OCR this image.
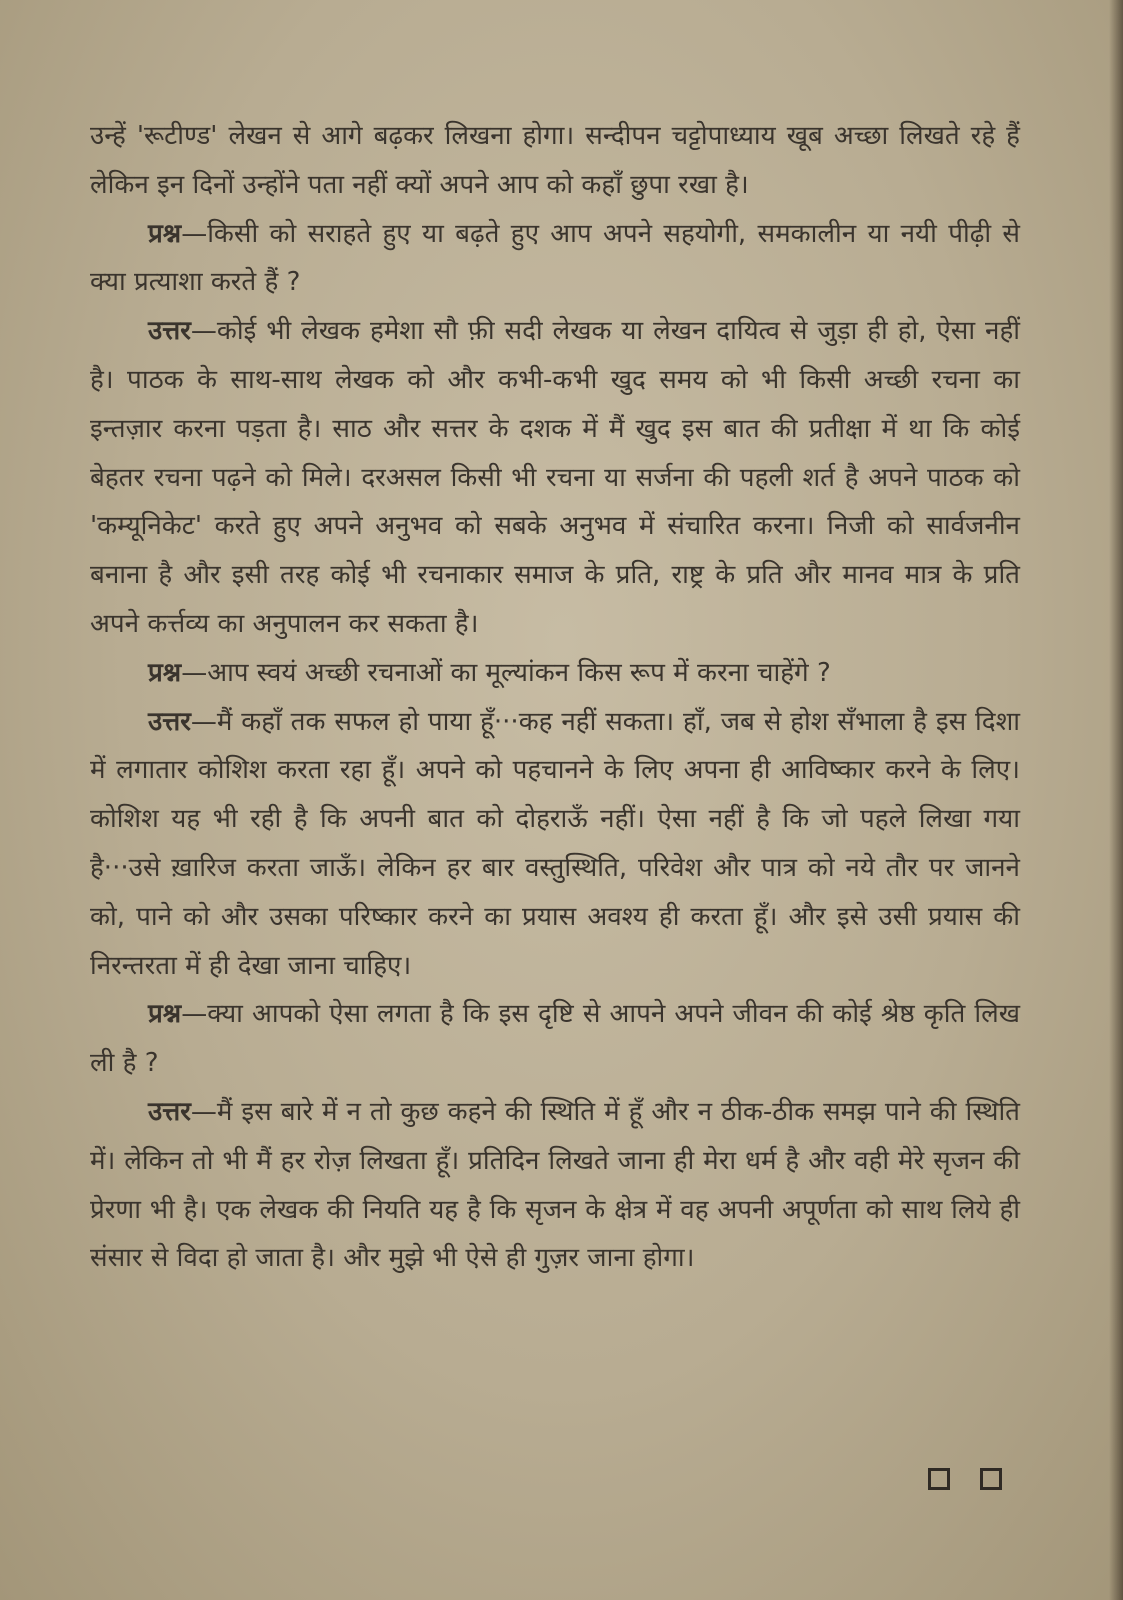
उन्हें 'रूटीण्ड' लेखन से आगे बढ़कर लिखना होगा। सन्दीपन चट्टोपाध्याय खूब अच्छा लिखते रहे हैं लेकिन इन दिनों उन्होंने पता नहीं क्यों अपने आप को कहाँ छुपा रखा है।

प्रश्न—किसी को सराहते हुए या बढ़ते हुए आप अपने सहयोगी, समकालीन या नयी पीढ़ी से क्या प्रत्याशा करते हैं ?

उत्तर—कोई भी लेखक हमेशा सौ फ़ी सदी लेखक या लेखन दायित्व से जुड़ा ही हो, ऐसा नहीं है। पाठक के साथ-साथ लेखक को और कभी-कभी खुद समय को भी किसी अच्छी रचना का इन्तज़ार करना पड़ता है। साठ और सत्तर के दशक में मैं खुद इस बात की प्रतीक्षा में था कि कोई बेहतर रचना पढ़ने को मिले। दरअसल किसी भी रचना या सर्जना की पहली शर्त है अपने पाठक को 'कम्यूनिकेट' करते हुए अपने अनुभव को सबके अनुभव में संचारित करना। निजी को सार्वजनीन बनाना है और इसी तरह कोई भी रचनाकार समाज के प्रति, राष्ट्र के प्रति और मानव मात्र के प्रति अपने कर्त्तव्य का अनुपालन कर सकता है।

प्रश्न—आप स्वयं अच्छी रचनाओं का मूल्यांकन किस रूप में करना चाहेंगे ?

उत्तर—मैं कहाँ तक सफल हो पाया हूँ···कह नहीं सकता। हाँ, जब से होश सँभाला है इस दिशा में लगातार कोशिश करता रहा हूँ। अपने को पहचानने के लिए अपना ही आविष्कार करने के लिए। कोशिश यह भी रही है कि अपनी बात को दोहराऊँ नहीं। ऐसा नहीं है कि जो पहले लिखा गया है···उसे ख़ारिज करता जाऊँ। लेकिन हर बार वस्तुस्थिति, परिवेश और पात्र को नये तौर पर जानने को, पाने को और उसका परिष्कार करने का प्रयास अवश्य ही करता हूँ। और इसे उसी प्रयास की निरन्तरता में ही देखा जाना चाहिए।

प्रश्न—क्या आपको ऐसा लगता है कि इस दृष्टि से आपने अपने जीवन की कोई श्रेष्ठ कृति लिख ली है ?

उत्तर—मैं इस बारे में न तो कुछ कहने की स्थिति में हूँ और न ठीक-ठीक समझ पाने की स्थिति में। लेकिन तो भी मैं हर रोज़ लिखता हूँ। प्रतिदिन लिखते जाना ही मेरा धर्म है और वही मेरे सृजन की प्रेरणा भी है। एक लेखक की नियति यह है कि सृजन के क्षेत्र में वह अपनी अपूर्णता को साथ लिये ही संसार से विदा हो जाता है। और मुझे भी ऐसे ही गुज़र जाना होगा।
